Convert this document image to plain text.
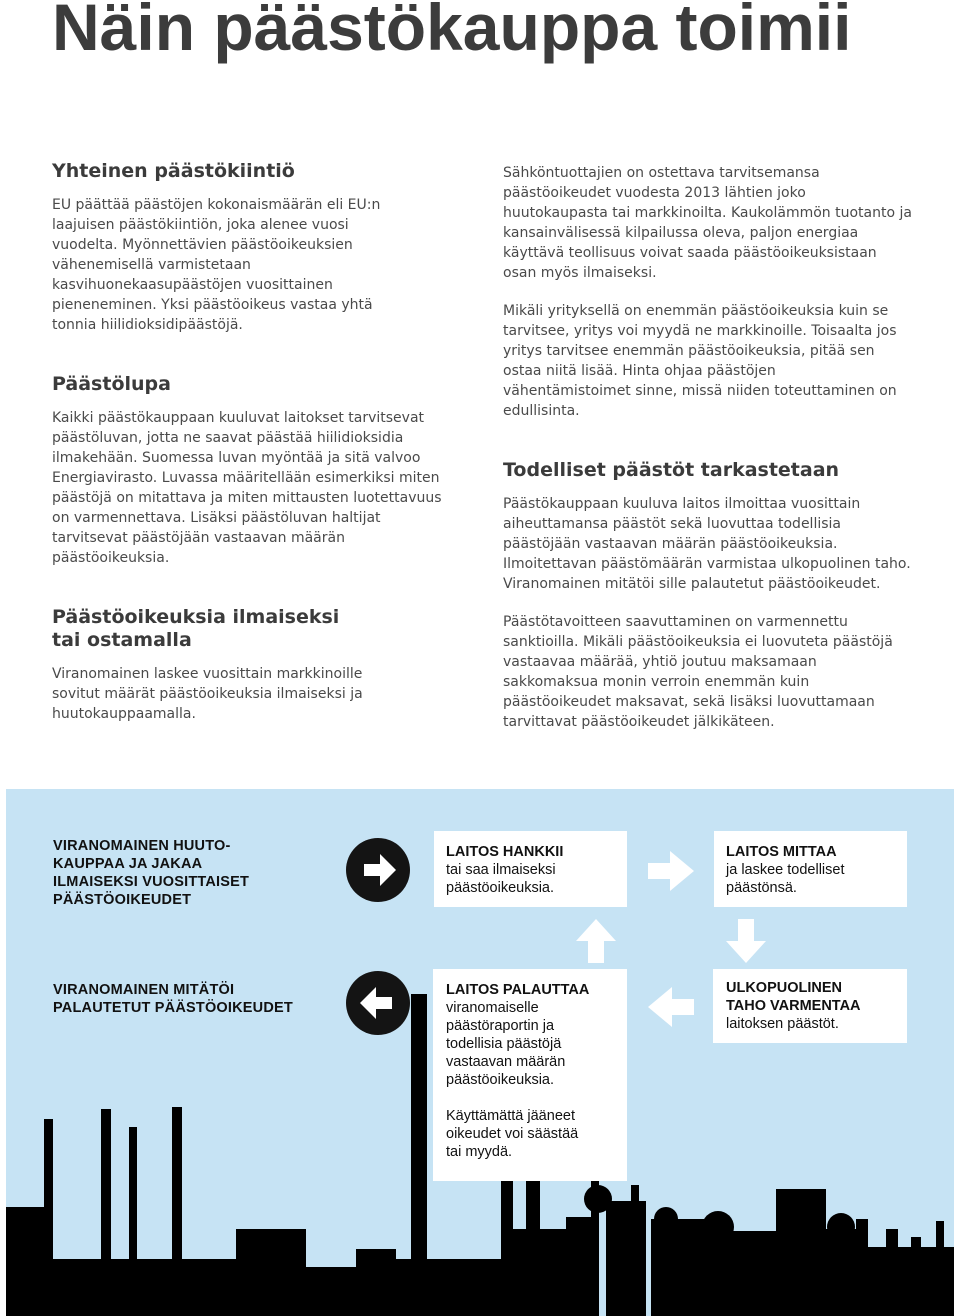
Näin päästökauppa toimii
Yhteinen päästökiintiö

EU päättää päästöjen kokonaismäärän eli EU:n laajuisen päästökiintiön, joka alenee vuosi vuodelta. Myönnettävien päästöoikeuksien vähenemisellä varmistetaan kasvihuonekaasupäästöjen vuosittainen pieneneminen. Yksi päästöoikeus vastaa yhtä tonnia hiilidioksidipäästöjä.

Päästölupa

Kaikki päästökauppaan kuuluvat laitokset tarvitsevat päästöluvan, jotta ne saavat päästää hiilidioksidia ilmakehään. Suomessa luvan myöntää ja sitä valvoo Energiavirasto. Luvassa määritellään esimerkiksi miten päästöjä on mitattava ja miten mittausten luotettavuus on varmennettava. Lisäksi päästöluvan haltijat tarvitsevat päästöjään vastaavan määrän päästöoikeuksia.

Päästöoikeuksia ilmaiseksi tai ostamalla

Viranomainen laskee vuosittain markkinoille sovitut määrät päästöoikeuksia ilmaiseksi ja huutokauppaamalla.

Sähköntuottajien on ostettava tarvitsemansa päästöoikeudet vuodesta 2013 lähtien joko huutokaupasta tai markkinoilta. Kaukolämmön tuotanto ja kansainvälisessä kilpailussa oleva, paljon energiaa käyttävä teollisuus voivat saada päästöoikeuksistaan osan myös ilmaiseksi.

Mikäli yrityksellä on enemmän päästöoikeuksia kuin se tarvitsee, yritys voi myydä ne markkinoille. Toisaalta jos yritys tarvitsee enemmän päästöoikeuksia, pitää sen ostaa niitä lisää. Hinta ohjaa päästöjen vähentämistoimet sinne, missä niiden toteuttaminen on edullisinta.

Todelliset päästöt tarkastetaan

Päästökauppaan kuuluva laitos ilmoittaa vuosittain aiheuttamansa päästöt sekä luovuttaa todellisia päästöjään vastaavan määrän päästöoikeuksia. Ilmoitettavan päästömäärän varmistaa ulkopuolinen taho. Viranomainen mitätöi sille palautetut päästöoikeudet.

Päästötavoitteen saavuttaminen on varmennettu sanktioilla. Mikäli päästöoikeuksia ei luovuteta päästöjä vastaavaa määrää, yhtiö joutuu maksamaan sakkomaksua monin verroin enemmän kuin päästöoikeudet maksavat, sekä lisäksi luovuttamaan tarvittavat päästöoikeudet jälkikäteen.

VIRANOMAINEN HUUTO-
KAUPPAA JA JAKAA
ILMAISEKSI VUOSITTAISET
PÄÄSTÖOIKEUDET
LAITOS HANKKII
tai saa ilmaiseksi
päästöoikeuksia.
LAITOS MITTAA
ja laskee todelliset
päästönsä.
VIRANOMAINEN MITÄTÖI
PALAUTETUT PÄÄSTÖOIKEUDET
LAITOS PALAUTTAA
viranomaiselle
päästöraportin ja
todellisia päästöjä
vastaavan määrän
päästöoikeuksia.
Käyttämättä jääneet
oikeudet voi säästää
tai myydä.
ULKOPUOLINEN
TAHO VARMENTAA
laitoksen päästöt.
